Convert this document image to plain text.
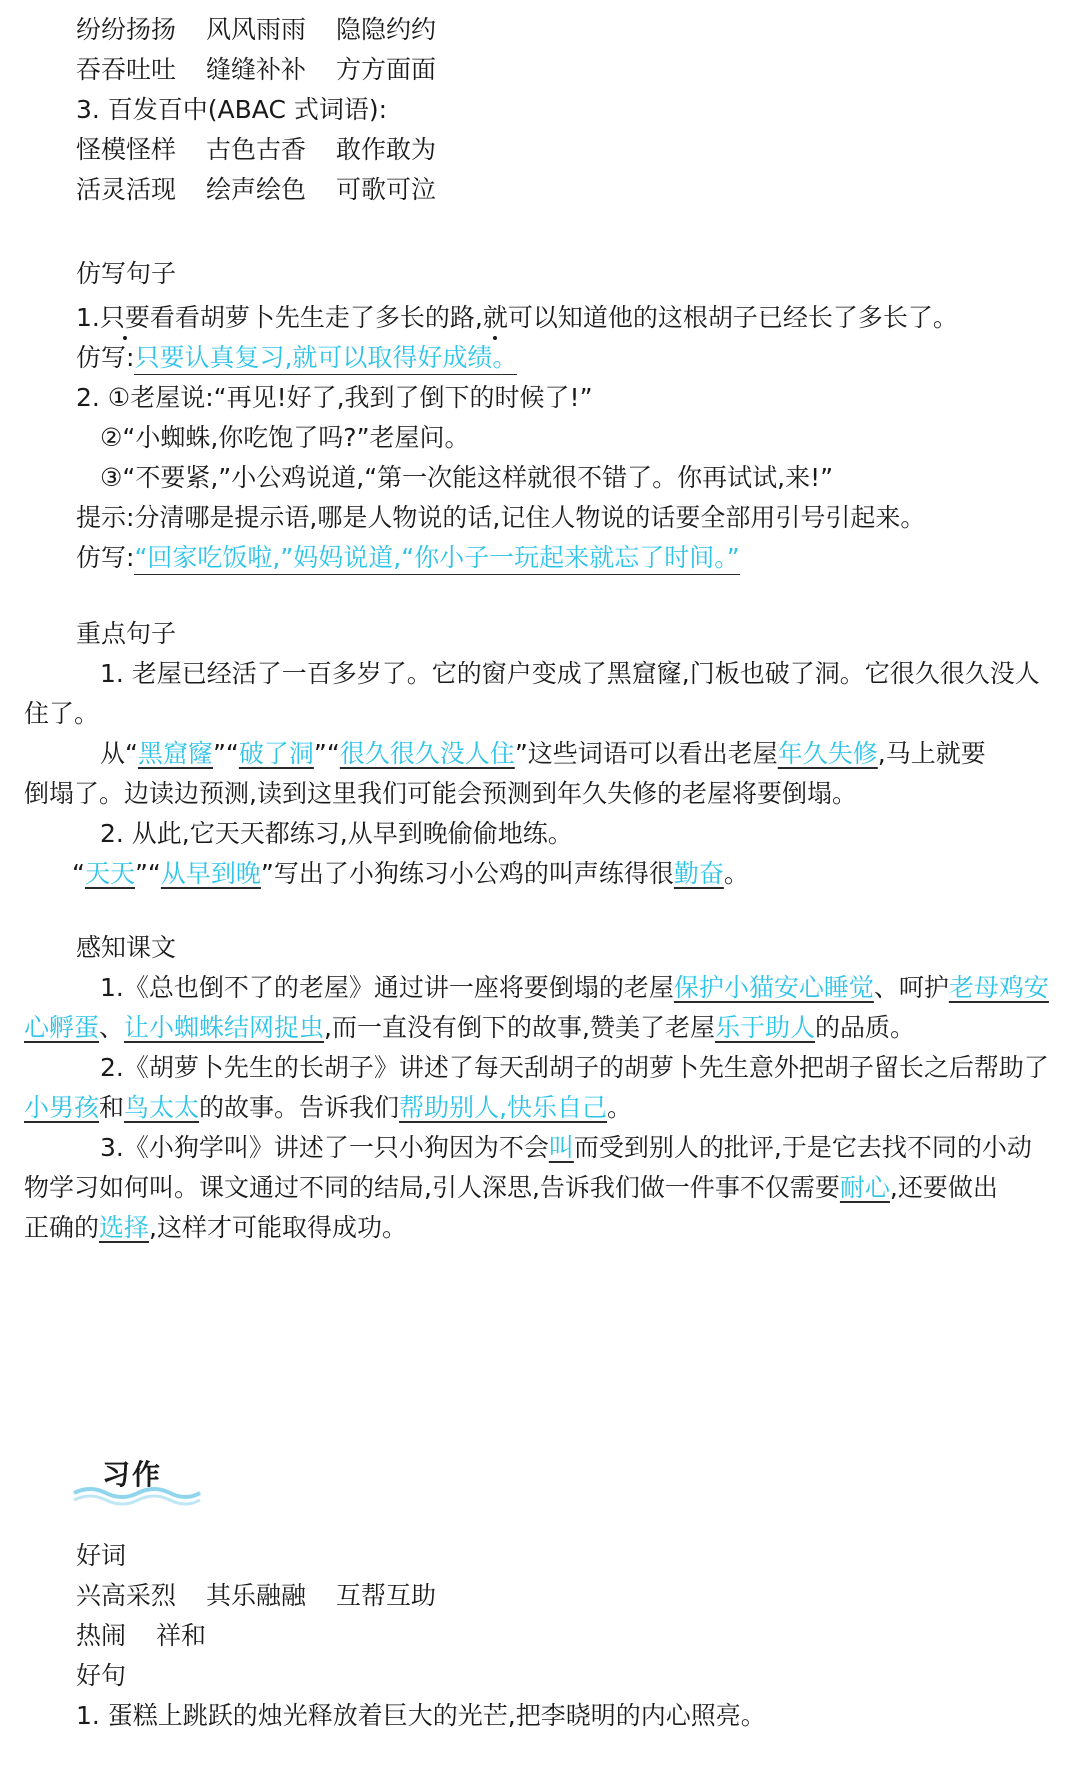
纷纷扬扬 风风雨雨 隐隐约约
吞吞吐吐 缝缝补补 方方面面
3. 百发百中(ABAC 式词语):
怪模怪样 古色古香 敢作敢为
活灵活现 绘声绘色 可歌可泣
仿写句子
1.只要看看胡萝卜先生走了多长的路,就可以知道他的这根胡子已经长了多长了。
仿写:只要认真复习,就可以取得好成绩。
2. ①老屋说:“再见!好了,我到了倒下的时候了!”
②“小蜘蛛,你吃饱了吗?”老屋问。
③“不要紧,”小公鸡说道,“第一次能这样就很不错了。你再试试,来!”
提示:分清哪是提示语,哪是人物说的话,记住人物说的话要全部用引号引起来。
仿写:“回家吃饭啦,”妈妈说道,“你小子一玩起来就忘了时间。”
重点句子
1. 老屋已经活了一百多岁了。它的窗户变成了黑窟窿,门板也破了洞。它很久很久没人
住了。
从“黑窟窿”“破了洞”“很久很久没人住”这些词语可以看出老屋年久失修,马上就要
倒塌了。边读边预测,读到这里我们可能会预测到年久失修的老屋将要倒塌。
2. 从此,它天天都练习,从早到晚偷偷地练。
“天天”“从早到晚”写出了小狗练习小公鸡的叫声练得很勤奋。
感知课文
1.《总也倒不了的老屋》通过讲一座将要倒塌的老屋保护小猫安心睡觉、呵护老母鸡安
心孵蛋、让小蜘蛛结网捉虫,而一直没有倒下的故事,赞美了老屋乐于助人的品质。
2.《胡萝卜先生的长胡子》讲述了每天刮胡子的胡萝卜先生意外把胡子留长之后帮助了
小男孩和鸟太太的故事。告诉我们帮助别人,快乐自己。
3.《小狗学叫》讲述了一只小狗因为不会叫而受到别人的批评,于是它去找不同的小动
物学习如何叫。课文通过不同的结局,引人深思,告诉我们做一件事不仅需要耐心,还要做出
正确的选择,这样才可能取得成功。
习作
好词
兴高采烈 其乐融融 互帮互助
热闹 祥和
好句
1. 蛋糕上跳跃的烛光释放着巨大的光芒,把李晓明的内心照亮。
